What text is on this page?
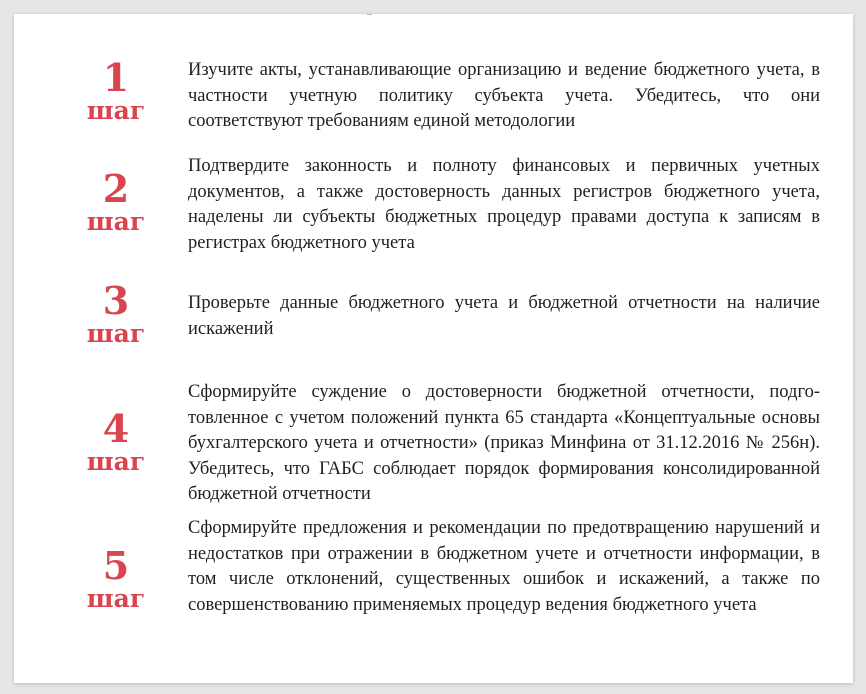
1
шаг

Изучите акты, устанавливающие организацию и ведение бюджетного учета, в частности учетную политику субъекта учета. Убедитесь, что они соответствуют требованиям единой методологии

2
шаг

Подтвердите законность и полноту финансовых и первичных учетных документов, а также достоверность данных регистров бюджетного учета, наделены ли субъекты бюджетных процедур правами доступа к записям в регистрах бюджетного учета

3
шаг

Проверьте данные бюджетного учета и бюджетной отчетности на наличие искажений

4
шаг

Сформируйте суждение о достоверности бюджетной отчетности, подготовленное с учетом положений пункта 65 стандарта «Концептуальные основы бухгалтерского учета и отчетности» (приказ Минфина от 31.12.2016 № 256н). Убедитесь, что ГАБС соблюдает порядок формирования консолидированной бюджетной отчетности

5
шаг

Сформируйте предложения и рекомендации по предотвращению нарушений и недостатков при отражении в бюджетном учете и отчетности информации, в том числе отклонений, существенных ошибок и искажений, а также по совершенствованию применяемых процедур ведения бюджетного учета
